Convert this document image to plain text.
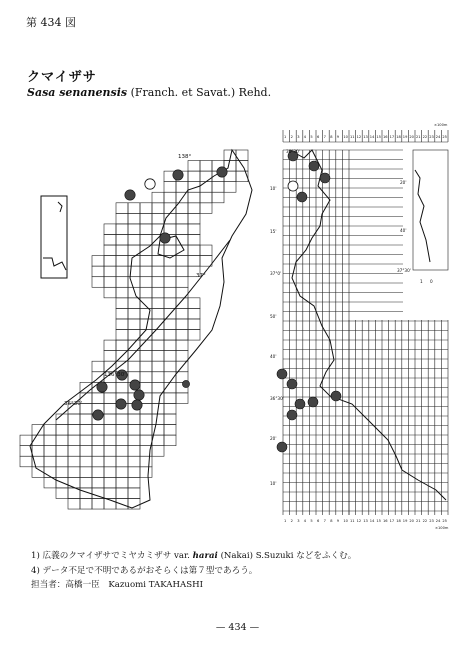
第 434 図
クマイザサ
Sasa senanensis (Franch. et Savat.) Rehd.
138°
37°
136°30'
36°30'
1
1
2
2
3
3
4
4
5
5
6
6
7
7
8
8
9
9
10
10
11
11
12
12
13
13
14
14
15
15
16
16
17
17
18
18
19
19
20
20
21
21
22
22
23
23
24
24
25
25
×100m
×100m
38°30'
10'
15'
37°0'
50'
40'
36°30'
20'
10'
20'
40'
37°30'
1 0
1) 広義のクマイザサでミヤカミザサ var. harai (Nakai) S.Suzuki などをふくむ。
4) データ不足で不明であるがおそらくは第７型であろう。
担当者：高橋一臣　Kazuomi TAKAHASHI
— 434 —
